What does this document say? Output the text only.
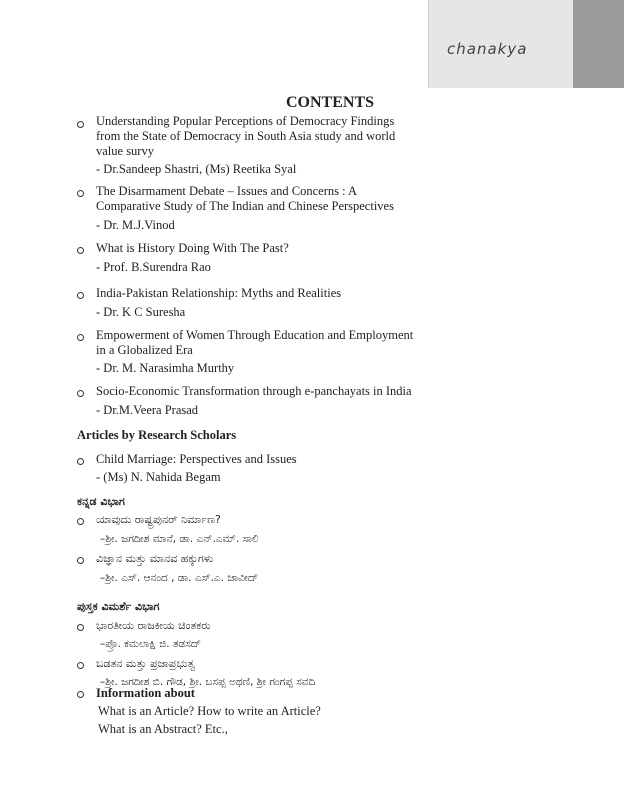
chanakya
CONTENTS
Understanding Popular Perceptions of Democracy Findings
from the State of Democracy in South Asia study and world
value survy
- Dr.Sandeep Shastri, (Ms) Reetika Syal
The Disarmament Debate – Issues and Concerns : A
Comparative Study of The Indian and Chinese Perspectives
- Dr. M.J.Vinod
What is History Doing With The Past?
- Prof. B.Surendra Rao
India-Pakistan Relationship: Myths and Realities
- Dr. K C Suresha
Empowerment of Women Through Education and Employment
in a Globalized Era
- Dr. M. Narasimha Murthy
Socio-Economic Transformation through e-panchayats in India
- Dr.M.Veera Prasad
Articles by Research Scholars
Child Marriage: Perspectives and Issues
- (Ms) N. Nahida Begam
ಕನ್ನಡ ವಿಭಾಗ
ಯಾವುದು ರಾಷ್ಟ್ರಪುನರ್ ನಿರ್ಮಾಣ?
–ಶ್ರೀ. ಜಗದೀಶ ಮಾನೆ, ಡಾ. ಎನ್.ಎಮ್. ಸಾಲಿ
ವಿಜ್ಞಾನ ಮತ್ತು ಮಾನವ ಹಕ್ಕುಗಳು
–ಶ್ರೀ. ಎಸ್. ಆನಂದ , ಡಾ. ಎಸ್.ಎ. ಜಾವೀದ್
ಪುಸ್ತಕ ವಿಮರ್ಶೆ ವಿಭಾಗ
ಭಾರತೀಯ ರಾಜಕೀಯ ಚಿಂತಕರು
–ಪ್ರೊ. ಕಮಲಾಕ್ಷಿ ಜಿ. ತಡಸದ್
ಬಡತನ ಮತ್ತು ಪ್ರಜಾಪ್ರಭುತ್ವ
–ಶ್ರೀ. ಜಗದೀಶ ಬಿ. ಗೌಡ, ಶ್ರೀ. ಬಸಪ್ಪ ಅಥಣಿ, ಶ್ರೀ ಗಂಗಪ್ಪ ಸವದಿ
Information about
What is an Article? How to write an Article?
What is an Abstract? Etc.,
